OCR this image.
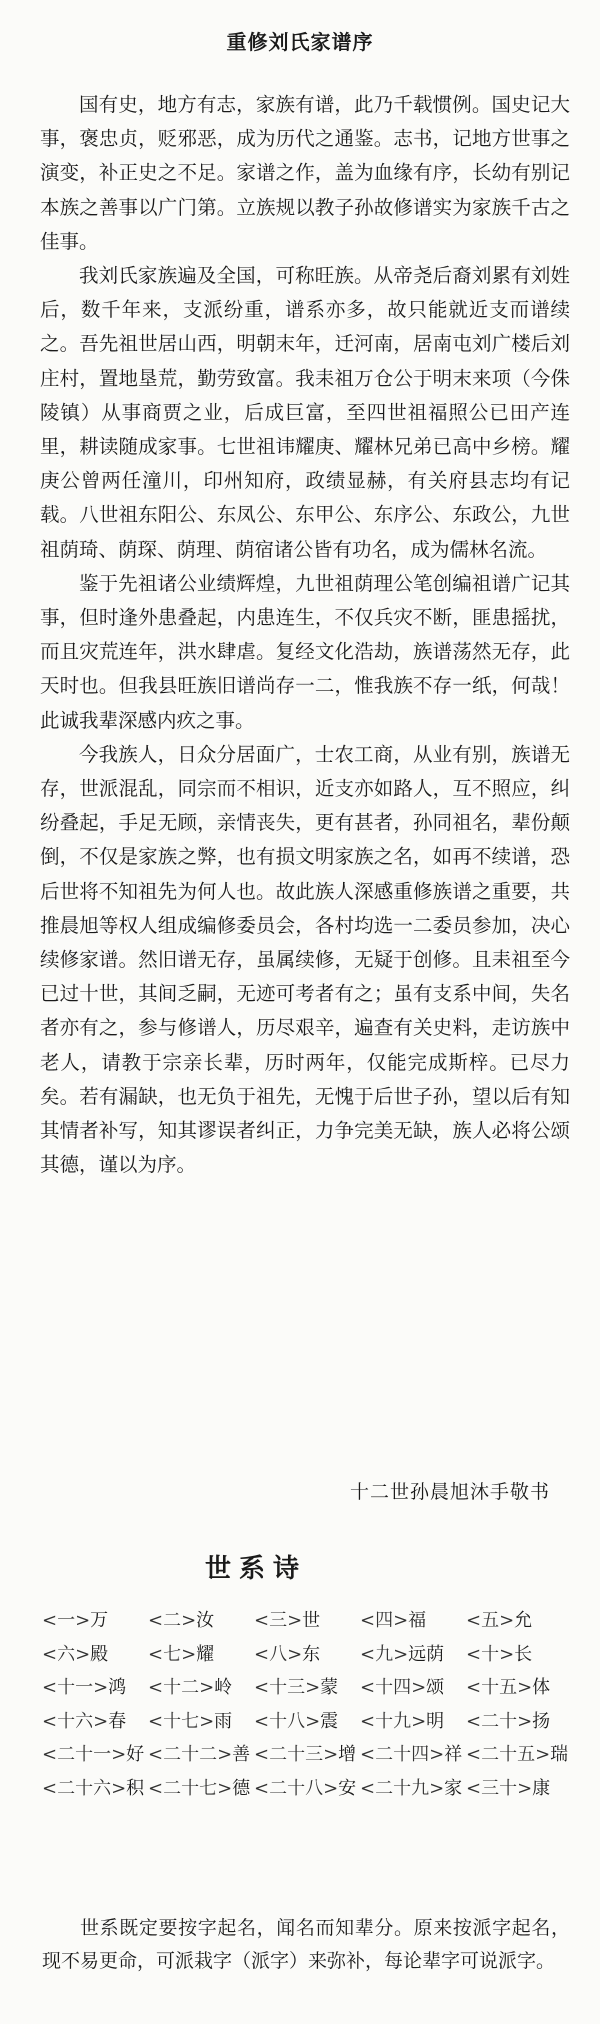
重修刘氏家谱序

国有史，地方有志，家族有谱，此乃千载惯例。国史记大事，褒忠贞，贬邪恶，成为历代之通鉴。志书，记地方世事之演变，补正史之不足。家谱之作，盖为血缘有序，长幼有别记本族之善事以广门第。立族规以教子孙故修谱实为家族千古之佳事。

我刘氏家族遍及全国，可称旺族。从帝尧后裔刘累有刘姓后，数千年来，支派纷重，谱系亦多，故只能就近支而谱续之。吾先祖世居山西，明朝末年，迁河南，居南屯刘广楼后刘庄村，置地垦荒，勤劳致富。我耒祖万仓公于明末来项（今侏陵镇）从事商贾之业，后成巨富，至四世祖福照公已田产连里，耕读随成家事。七世祖讳耀庚、耀林兄弟已高中乡榜。耀庚公曾两任潼川，印州知府，政绩显赫，有关府县志均有记载。八世祖东阳公、东凤公、东甲公、东序公、东政公，九世祖荫琦、荫琛、荫理、荫宿诸公皆有功名，成为儒林名流。

鉴于先祖诸公业绩辉煌，九世祖荫理公笔创编祖谱广记其事，但时逢外患叠起，内患连生，不仅兵灾不断，匪患摇扰，而且灾荒连年，洪水肆虐。复经文化浩劫，族谱荡然无存，此天时也。但我县旺族旧谱尚存一二，惟我族不存一纸，何哉！此诚我辈深感内疚之事。

今我族人，日众分居面广，士农工商，从业有别，族谱无存，世派混乱，同宗而不相识，近支亦如路人，互不照应，纠纷叠起，手足无顾，亲情丧失，更有甚者，孙同祖名，辈份颠倒，不仅是家族之弊，也有损文明家族之名，如再不续谱，恐后世将不知祖先为何人也。故此族人深感重修族谱之重要，共推晨旭等权人组成编修委员会，各村均选一二委员参加，决心续修家谱。然旧谱无存，虽属续修，无疑于创修。且耒祖至今已过十世，其间乏嗣，无迹可考者有之；虽有支系中间，失名者亦有之，参与修谱人，历尽艰辛，遍查有关史料，走访族中老人，请教于宗亲长辈，历时两年，仅能完成斯梓。已尽力矣。若有漏缺，也无负于祖先，无愧于后世子孙，望以后有知其情者补写，知其谬误者纠正，力争完美无缺，族人必将公颂其德，谨以为序。

十二世孙晨旭沐手敬书
世系诗
<一>万	<二>汝	<三>世	<四>福	<五>允
<六>殿	<七>耀	<八>东	<九>远荫	<十>长
<十一>鸿	<十二>岭	<十三>蒙	<十四>颂	<十五>体
<十六>春	<十七>雨	<十八>震	<十九>明	<二十>扬
<二十一>好 <二十二>善 <二十三>增 <二十四>祥 <二十五>瑞
<二十六>积 <二十七>德 <二十八>安 <二十九>家 <三十>康

世系既定要按字起名，闻名而知辈分。原来按派字起名，现不易更命，可派栽字（派字）来弥补，每论辈字可说派字。
